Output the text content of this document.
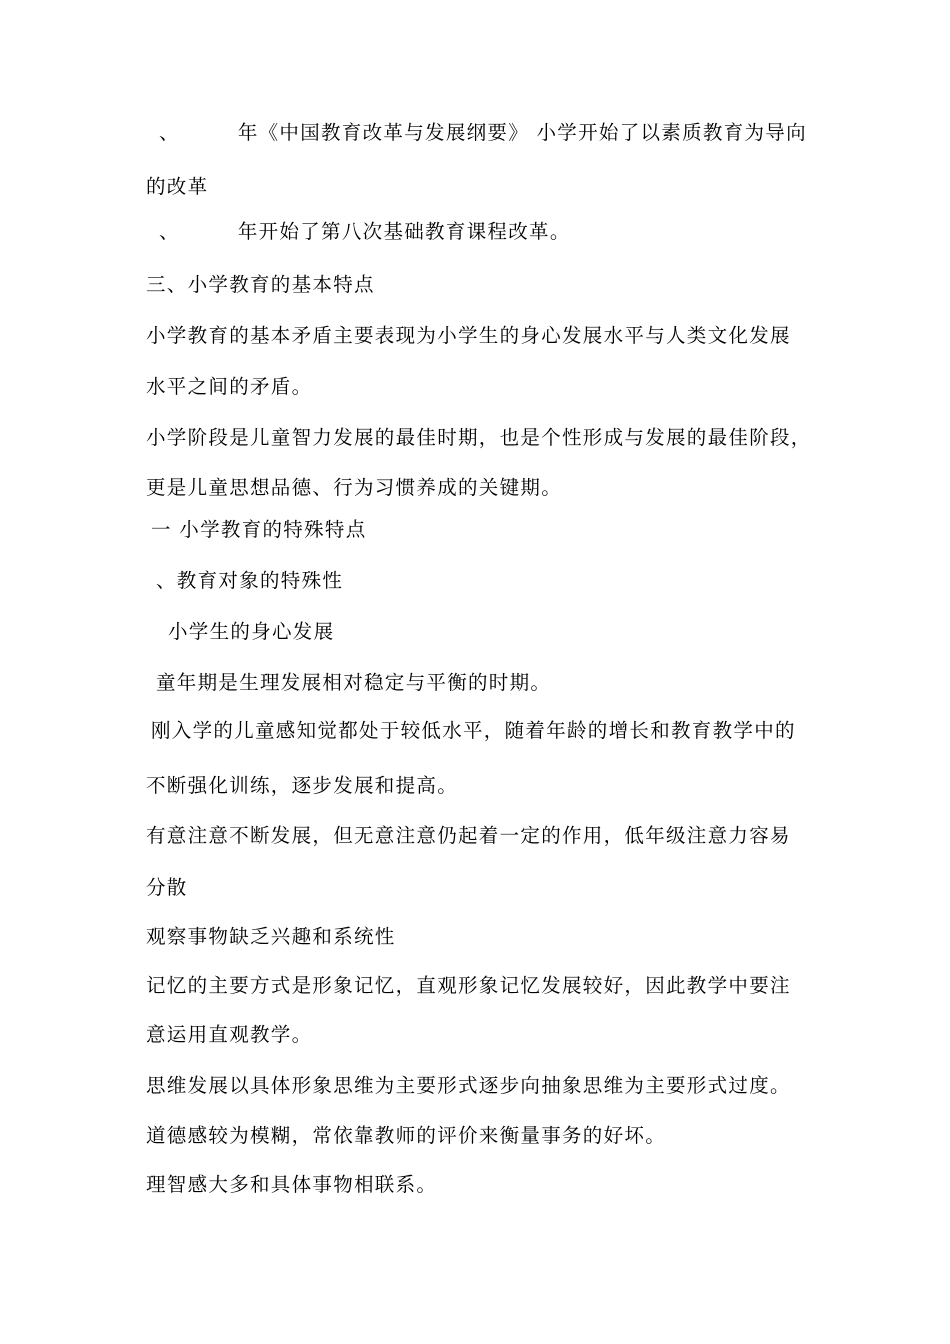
、	年《中国教育改革与发展纲要》 小学开始了以素质教育为导向
的改革
、	年开始了第八次基础教育课程改革。
三、小学教育的基本特点
小学教育的基本矛盾主要表现为小学生的身心发展水平与人类文化发展
水平之间的矛盾。
小学阶段是儿童智力发展的最佳时期，也是个性形成与发展的最佳阶段，
更是儿童思想品德、行为习惯养成的关键期。
一 小学教育的特殊特点
、教育对象的特殊性
小学生的身心发展
童年期是生理发展相对稳定与平衡的时期。
刚入学的儿童感知觉都处于较低水平，随着年龄的增长和教育教学中的
不断强化训练，逐步发展和提高。
有意注意不断发展，但无意注意仍起着一定的作用，低年级注意力容易
分散
观察事物缺乏兴趣和系统性
记忆的主要方式是形象记忆，直观形象记忆发展较好，因此教学中要注
意运用直观教学。
思维发展以具体形象思维为主要形式逐步向抽象思维为主要形式过度。
道德感较为模糊，常依靠教师的评价来衡量事务的好坏。
理智感大多和具体事物相联系。
